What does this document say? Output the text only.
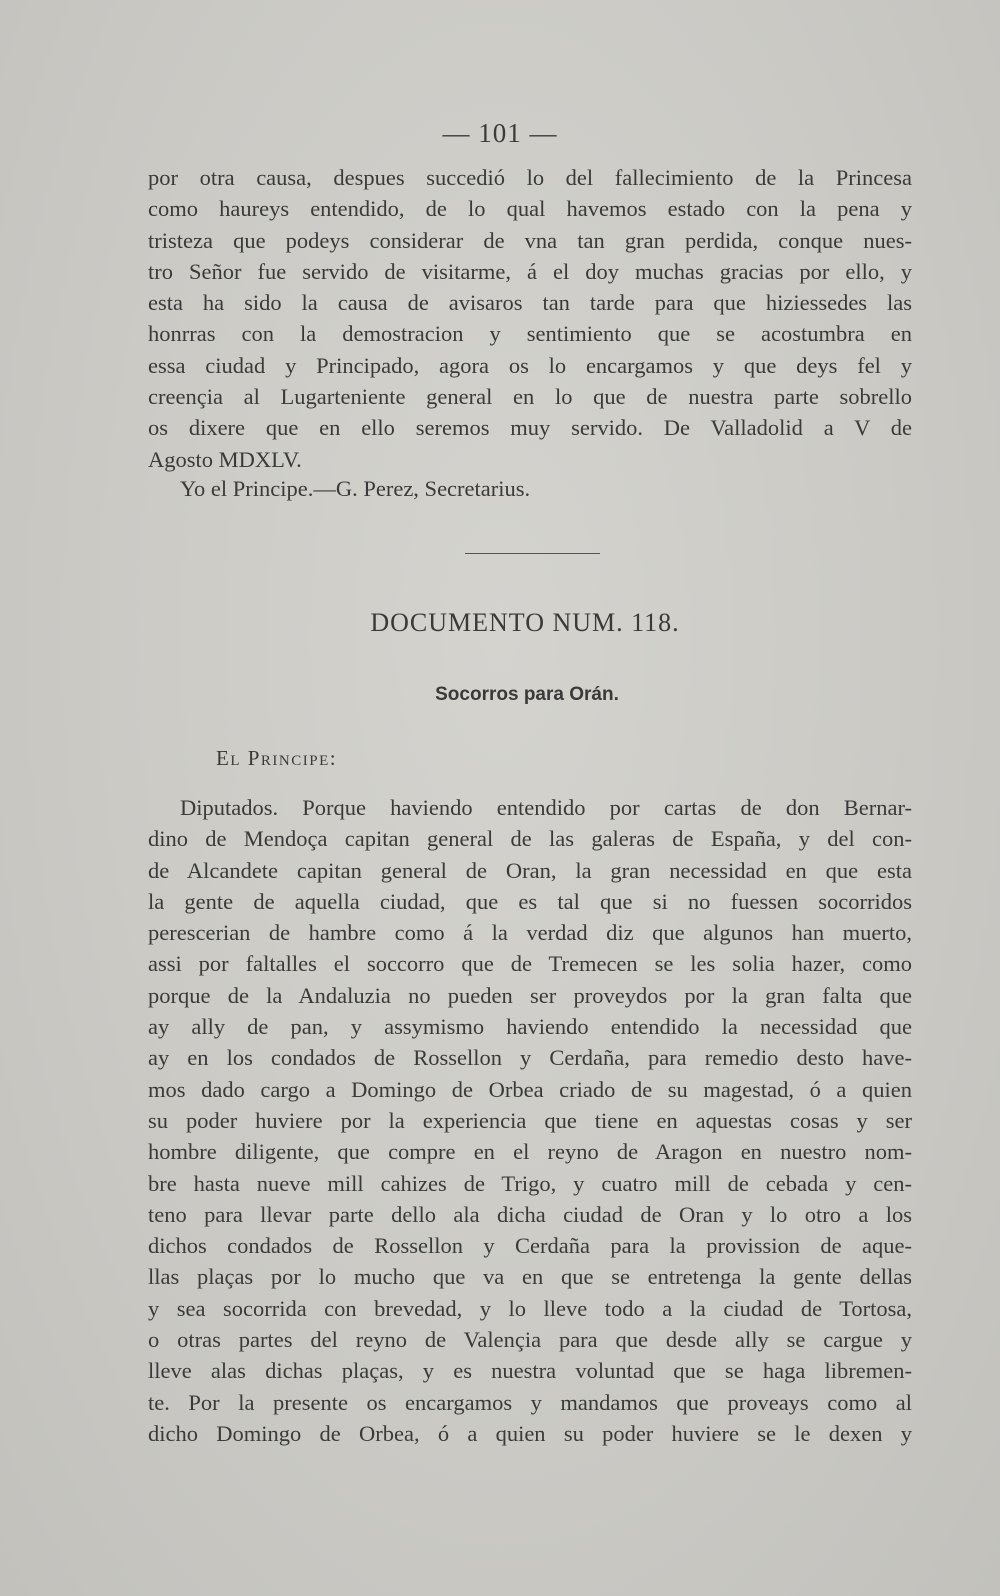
— 101 —

por otra causa, despues succedió lo del fallecimiento de la Princesa

como haureys entendido, de lo qual havemos estado con la pena y

tristeza que podeys considerar de vna tan gran perdida, conque nues-

tro Señor fue servido de visitarme, á el doy muchas gracias por ello, y

esta ha sido la causa de avisaros tan tarde para que hiziessedes las

honrras con la demostracion y sentimiento que se acostumbra en

essa ciudad y Principado, agora os lo encargamos y que deys fel y

creençia al Lugarteniente general en lo que de nuestra parte sobrello

os dixere que en ello seremos muy servido. De Valladolid a V de

Agosto MDXLV.

Yo el Principe.—G. Perez, Secretarius.
DOCUMENTO NUM. 118.
Socorros para Orán.
El Principe:

Diputados. Porque haviendo entendido por cartas de don Bernar-

dino de Mendoça capitan general de las galeras de España, y del con-

de Alcandete capitan general de Oran, la gran necessidad en que esta

la gente de aquella ciudad, que es tal que si no fuessen socorridos

perescerian de hambre como á la verdad diz que algunos han muerto,

assi por faltalles el soccorro que de Tremecen se les solia hazer, como

porque de la Andaluzia no pueden ser proveydos por la gran falta que

ay ally de pan, y assymismo haviendo entendido la necessidad que

ay en los condados de Rossellon y Cerdaña, para remedio desto have-

mos dado cargo a Domingo de Orbea criado de su magestad, ó a quien

su poder huviere por la experiencia que tiene en aquestas cosas y ser

hombre diligente, que compre en el reyno de Aragon en nuestro nom-

bre hasta nueve mill cahizes de Trigo, y cuatro mill de cebada y cen-

teno para llevar parte dello ala dicha ciudad de Oran y lo otro a los

dichos condados de Rossellon y Cerdaña para la provission de aque-

llas plaças por lo mucho que va en que se entretenga la gente dellas

y sea socorrida con brevedad, y lo lleve todo a la ciudad de Tortosa,

o otras partes del reyno de Valençia para que desde ally se cargue y

lleve alas dichas plaças, y es nuestra voluntad que se haga libremen-

te. Por la presente os encargamos y mandamos que proveays como al

dicho Domingo de Orbea, ó a quien su poder huviere se le dexen y
